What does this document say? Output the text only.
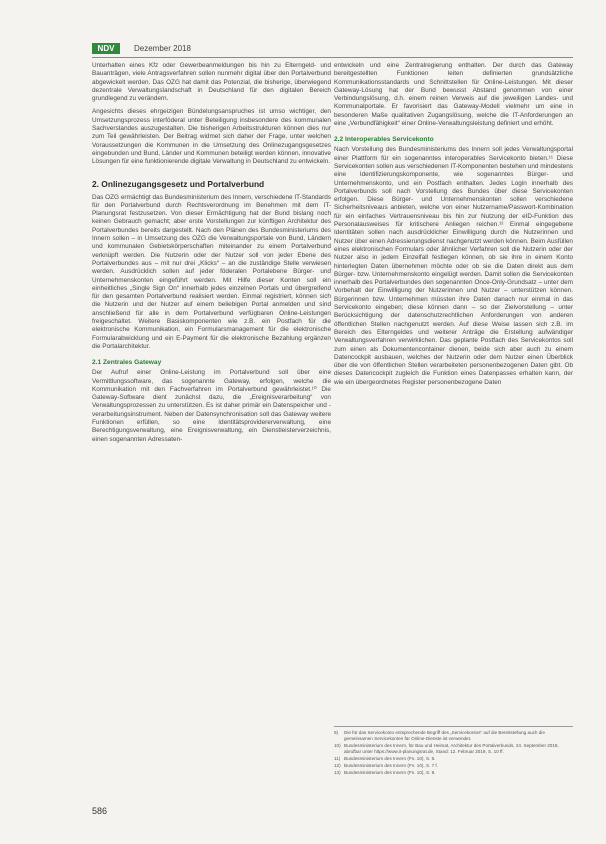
NDV	Dezember 2018

Unterhalten eines Kfz oder Gewerbeanmeldungen bis hin zu Elterngeld- und Bauanträgen, viele Antragsverfahren sollen nunmehr digital über den Portalverbund abgewickelt werden. Das OZG hat damit das Potenzial, die bisherige, überwiegend dezentrale Verwaltungslandschaft in Deutschland für den digitalen Bereich grundlegend zu verändern.

Angesichts dieses ehrgeizigen Bündelungsanspruches ist umso wichtiger, den Umsetzungsprozess interföderal unter Beteiligung insbesondere des kommunalen Sachverstandes auszugestalten. Die bisherigen Arbeitsstrukturen können dies nur zum Teil gewährleisten. Der Beitrag widmet sich daher der Frage, unter welchen Voraussetzungen die Kommunen in die Umsetzung des Onlinezugangsgesetzes eingebunden und Bund, Länder und Kommunen beteiligt werden können, innovative Lösungen für eine funktionierende digitale Verwaltung in Deutschland zu entwickeln.

2. Onlinezugangsgesetz und Portalverbund

Das OZG ermächtigt das Bundesministerium des Innern, verschiedene IT-Standards für den Portalverbund durch Rechtsverordnung im Benehmen mit dem IT-Planungsrat festzusetzen. Von dieser Ermächtigung hat der Bund bislang noch keinen Gebrauch gemacht; aber erste Vorstellungen zur künftigen Architektur des Portalverbundes bereits dargestellt. Nach den Plänen des Bundesministeriums des Innern sollen – in Umsetzung des OZG die Verwaltungsportale von Bund, Ländern und kommunalen Gebietskörperschaften miteinander zu einem Portalverbund verknüpft werden. Die Nutzerin oder der Nutzer soll von jeder Ebene des Portalverbundes aus – mit nur drei „Klicks“ – an die zuständige Stelle verwiesen werden. Ausdrücklich sollen auf jeder föderalen Portalebene Bürger- und Unternehmenskonten eingeführt werden. Mit Hilfe dieser Konten soll ein einheitliches „Single Sign On“ innerhalb jedes einzelnen Portals und übergreifend für den gesamten Portalverbund realisiert werden. Einmal registriert, können sich die Nutzerin und der Nutzer auf einem beliebigen Portal anmelden und sind anschließend für alle in dem Portalverbund verfügbaren Online-Leistungen freigeschaltet. Weitere Basiskomponenten wie z.B. ein Postfach für die elektronische Kommunikation, ein Formularsmanagement für die elektronische Formularabwicklung und ein E-Payment für die elektronische Bezahlung ergänzen die Portalarchitektur.

2.1 Zentrales Gateway

Der Aufruf einer Online-Leistung im Portalverbund soll über eine Vermittlungssoftware, das sogenannte Gateway, erfolgen, welche die Kommunikation mit den Fachverfahren im Portalverbund gewährleistet.¹⁰ Die Gateway-Software dient zunächst dazu, die „Ereignisverarbeitung“ von Verwaltungsprozessen zu unterstützen. Es ist daher primär ein Datenspeicher und -verarbeitungsinstrument. Neben der Datensynchronisation soll das Gateway weitere Funktionen erfüllen, so eine Identitätsprovidererverwaltung, eine Berechtigungsverwaltung, eine Ereignisverwaltung, ein Dienstleisterverzeichnis, einen sogenannten Adressaten-

entwickeln und eine Zentralregierung enthalten. Der durch das Gateway bereitgestellten Funktionen leiten definierten grundsätzliche Kommunikationsstandards und Schnittstellen für Online-Leistungen. Mit dieser Gateway-Lösung hat der Bund bewusst Abstand genommen von einer Verbindungslösung, d.h. einem reinen Verweis auf die jeweiligen Landes- und Kommunalportale. Er favorisiert das Gateway-Modell vielmehr um eine in besonderen Maße qualitativen Zugangslösung, welche die IT-Anforderungen an eine „Verbundfähigkeit“ einer Online-Verwaltungsleistung definiert und erhöht.

2.2 Interoperables Servicekonto

Nach Vorstellung des Bundesministeriums des Innern soll jedes Verwaltungsportal einer Plattform für ein sogenanntes interoperables Servicekonto bieten.¹¹ Diese Servicekonten sollen aus verschiedenen IT-Komponenten bestehen und mindestens eine Identifizierungskomponente, wie sogenanntes Bürger- und Unternehmenskonto, und ein Postfach enthalten. Jedes Login innerhalb des Portalverbunds soll nach Vorstellung des Bundes über diese Servicekonten erfolgen. Diese Bürger- und Unternehmenskonten sollen verschiedene Sicherheitsniveaus anbieten, welche von einer Nutzername/Passwort-Kombination für ein einfaches Vertrauensniveau bis hin zur Nutzung der eID-Funktion des Personalausweises für kritischere Anliegen reichen.¹² Einmal eingegebene Identitäten sollen nach ausdrücklicher Einwilligung durch die Nutzerinnen und Nutzer über einen Adressierungsdienst nachgenutzt werden können. Beim Ausfüllen eines elektronischen Formulars oder ähnlicher Verfahren soll die Nutzerin oder der Nutzer also in jedem Einzelfall festlegen können, ob sie ihre in einem Konto hinterlegten Daten übernehmen möchte oder ob sie die Daten direkt aus dem Bürger- bzw. Unternehmenskonto eingelügt werden. Damit sollen die Servicekonten innerhalb des Portalverbundes den sogenannten Once-Only-Grundsatz – unter dem Vorbehalt der Einwilligung der Nutzerinnen und Nutzer – unterstützen können. Bürgerinnen bzw. Unternehmen müssten ihre Daten danach nur einmal in das Servicekonto eingeben; diese können dann – so der Zielvorstellung – unter Berücksichtigung der datenschutzrechtlichen Anforderungen von anderen öffentlichen Stellen nachgenutzt werden. Auf diese Weise lassen sich z.B. im Bereich des Elterngeldes und weiterer Anträge die Erstellung aufwändiger Verwaltungsverfahren verwirklichen. Das geplante Postfach des Servicekontos soll zum einen als Dokumentencontainer dienen, beide sich aber auch zu einem Datencockpit ausbauen, welches der Nutzerin oder dem Nutzer einen Überblick über die von öffentlichen Stellen verarbeiteten personenbezogenen Daten gibt. Ob dieses Datencockpit zugleich die Funktion eines Datenpasses erhalten kann, der wie ein übergeordnetes Register personenbezogene Daten

9)	Die für das Servicekonto entsprechende Begriff des „Servicekontos“ auf die Bereitstellung auch die gemeinsamen Servicekonten für Online-Dienste ist verwendet.
10) Bundesministerium des Innern, für Bau und Heimat, Architektur des Portalverbunds, 24. September 2018, abrufbar unter https://www.it-planungsrat.de, Stand: 12. Februar 2019, S. 10 ff.
11) Bundesministerium des Innern (Fn. 10), S. 6.
12) Bundesministerium des Innern (Fn. 10), S. 7 f.
13) Bundesministerium des Innern (Fn. 10), S. 9.
586
